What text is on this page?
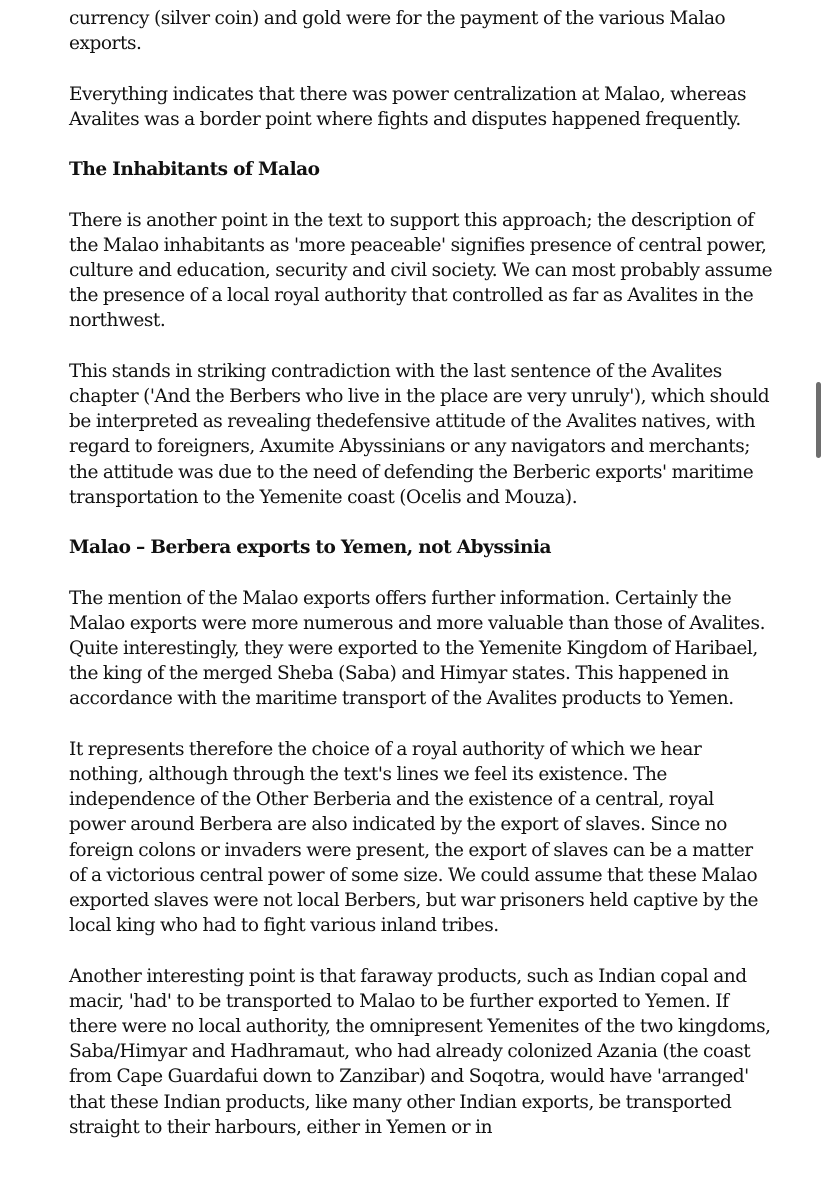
currency (silver coin) and gold were for the payment of the various Malao exports.

Everything indicates that there was power centralization at Malao, whereas Avalites was a border point where fights and disputes happened frequently.

The Inhabitants of Malao

There is another point in the text to support this approach; the description of the Malao inhabitants as 'more peaceable' signifies presence of central power, culture and education, security and civil society. We can most probably assume the presence of a local royal authority that controlled as far as Avalites in the northwest.

This stands in striking contradiction with the last sentence of the Avalites chapter ('And the Berbers who live in the place are very unruly'), which should be interpreted as revealing thedefensive attitude of the Avalites natives, with regard to foreigners, Axumite Abyssinians or any navigators and merchants; the attitude was due to the need of defending the Berberic exports' maritime transportation to the Yemenite coast (Ocelis and Mouza).

Malao – Berbera exports to Yemen, not Abyssinia

The mention of the Malao exports offers further information. Certainly the Malao exports were more numerous and more valuable than those of Avalites. Quite interestingly, they were exported to the Yemenite Kingdom of Haribael, the king of the merged Sheba (Saba) and Himyar states. This happened in accordance with the maritime transport of the Avalites products to Yemen.

It represents therefore the choice of a royal authority of which we hear nothing, although through the text's lines we feel its existence. The independence of the Other Berberia and the existence of a central, royal power around Berbera are also indicated by the export of slaves. Since no foreign colons or invaders were present, the export of slaves can be a matter of a victorious central power of some size. We could assume that these Malao exported slaves were not local Berbers, but war prisoners held captive by the local king who had to fight various inland tribes.

Another interesting point is that faraway products, such as Indian copal and macir, 'had' to be transported to Malao to be further exported to Yemen. If there were no local authority, the omnipresent Yemenites of the two kingdoms, Saba/Himyar and Hadhramaut, who had already colonized Azania (the coast from Cape Guardafui down to Zanzibar) and Soqotra, would have 'arranged' that these Indian products, like many other Indian exports, be transported straight to their harbours, either in Yemen or in
